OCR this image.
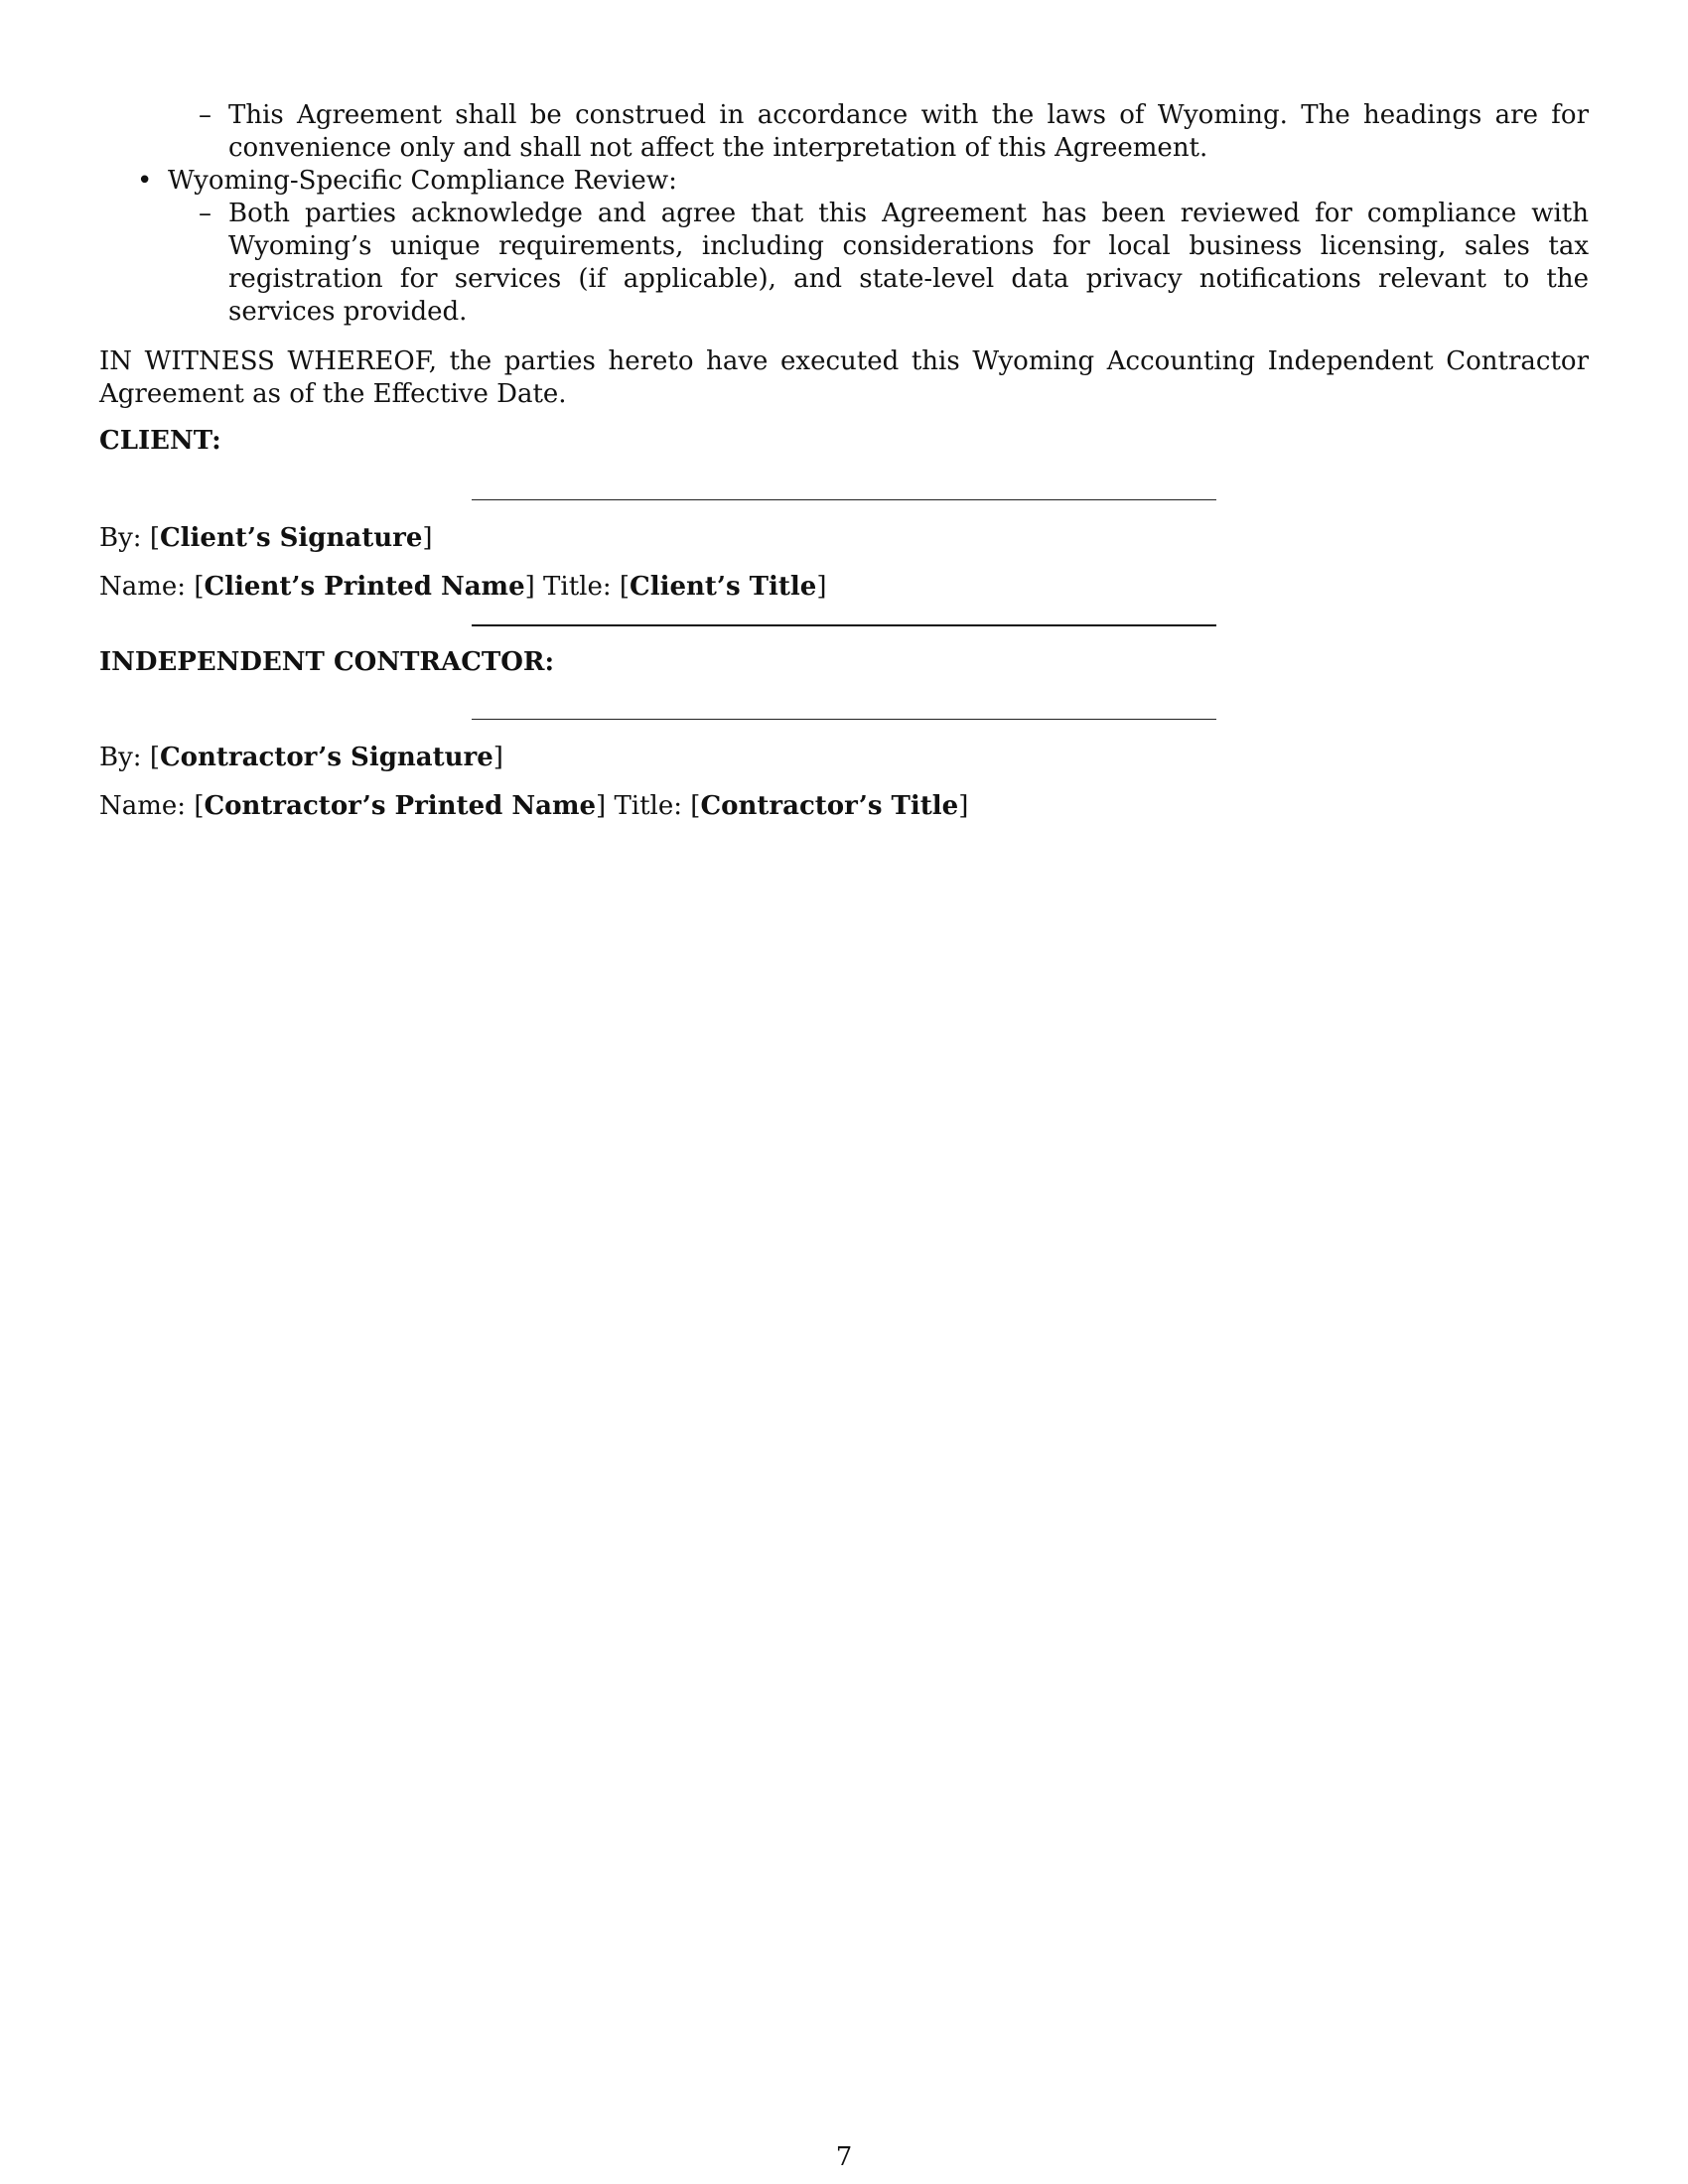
– This Agreement shall be construed in accordance with the laws of Wyoming. The headings are for convenience only and shall not affect the interpretation of this Agreement.
• Wyoming-Specific Compliance Review:
– Both parties acknowledge and agree that this Agreement has been reviewed for compliance with Wyoming’s unique requirements, including considerations for local business licensing, sales tax registration for services (if applicable), and state-level data privacy notifications relevant to the services provided.
IN WITNESS WHEREOF, the parties hereto have executed this Wyoming Accounting Independent Contractor Agreement as of the Effective Date.
CLIENT:
By: [Client’s Signature]
Name: [Client’s Printed Name] Title: [Client’s Title]
INDEPENDENT CONTRACTOR:
By: [Contractor’s Signature]
Name: [Contractor’s Printed Name] Title: [Contractor’s Title]
7
